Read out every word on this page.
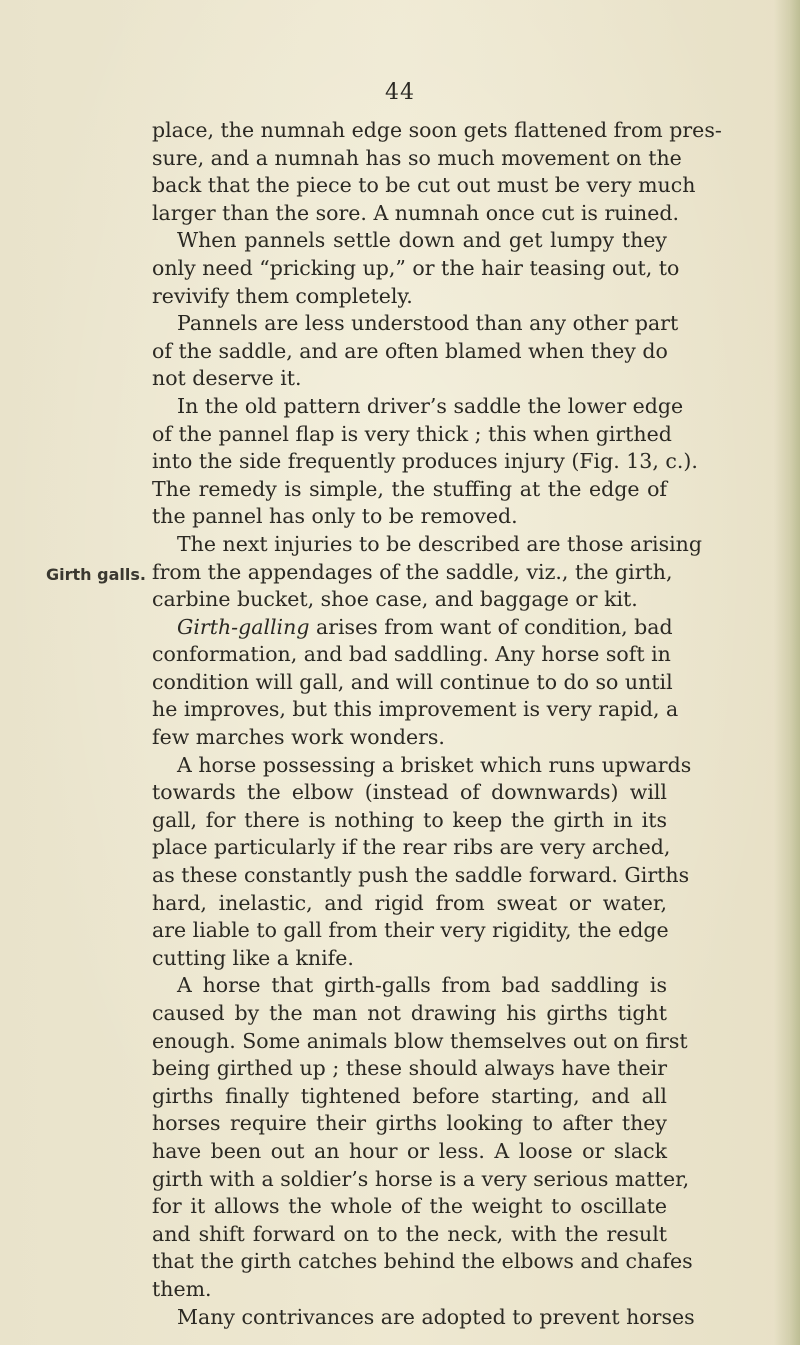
44
Girth galls.
place, the numnah edge soon gets flattened from pres-
sure, and a numnah has so much movement on the
back that the piece to be cut out must be very much
larger than the sore. A numnah once cut is ruined.
When pannels settle down and get lumpy they
only need “pricking up,” or the hair teasing out, to
revivify them completely.
Pannels are less understood than any other part
of the saddle, and are often blamed when they do
not deserve it.
In the old pattern driver’s saddle the lower edge
of the pannel flap is very thick ; this when girthed
into the side frequently produces injury (Fig. 13, c.).
The remedy is simple, the stuffing at the edge of
the pannel has only to be removed.
The next injuries to be described are those arising
from the appendages of the saddle, viz., the girth,
carbine bucket, shoe case, and baggage or kit.
Girth-galling arises from want of condition, bad
conformation, and bad saddling. Any horse soft in
condition will gall, and will continue to do so until
he improves, but this improvement is very rapid, a
few marches work wonders.
A horse possessing a brisket which runs upwards
towards the elbow (instead of downwards) will
gall, for there is nothing to keep the girth in its
place particularly if the rear ribs are very arched,
as these constantly push the saddle forward. Girths
hard, inelastic, and rigid from sweat or water,
are liable to gall from their very rigidity, the edge
cutting like a knife.
A horse that girth-galls from bad saddling is
caused by the man not drawing his girths tight
enough. Some animals blow themselves out on first
being girthed up ; these should always have their
girths finally tightened before starting, and all
horses require their girths looking to after they
have been out an hour or less. A loose or slack
girth with a soldier’s horse is a very serious matter,
for it allows the whole of the weight to oscillate
and shift forward on to the neck, with the result
that the girth catches behind the elbows and chafes
them.
Many contrivances are adopted to prevent horses
